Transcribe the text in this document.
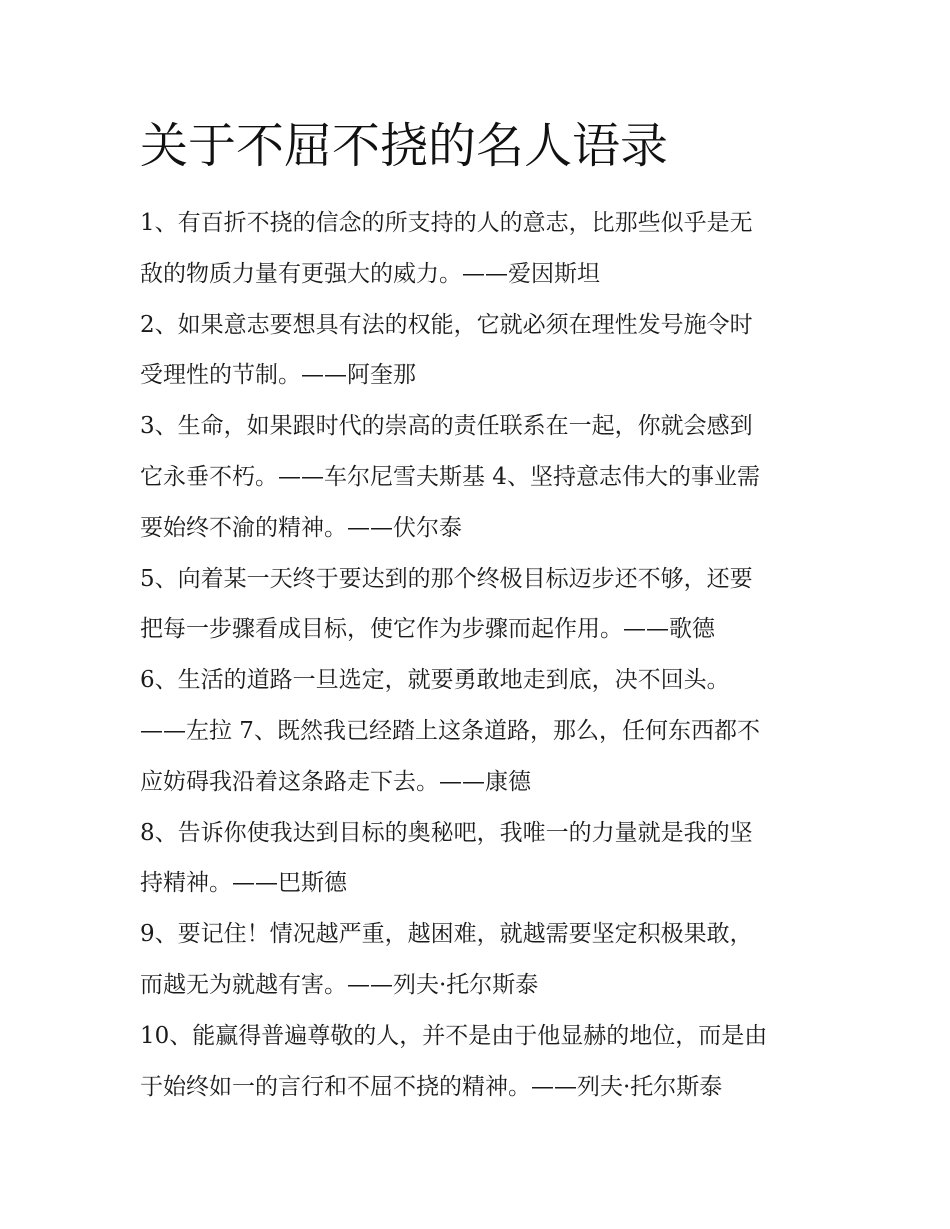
关于不屈不挠的名人语录
1、有百折不挠的信念的所支持的人的意志，比那些似乎是无
敌的物质力量有更强大的威力。——爱因斯坦
2、如果意志要想具有法的权能，它就必须在理性发号施令时
受理性的节制。——阿奎那
3、生命，如果跟时代的崇高的责任联系在一起，你就会感到
它永垂不朽。——车尔尼雪夫斯基 4、坚持意志伟大的事业需
要始终不渝的精神。——伏尔泰
5、向着某一天终于要达到的那个终极目标迈步还不够，还要
把每一步骤看成目标，使它作为步骤而起作用。——歌德
6、生活的道路一旦选定，就要勇敢地走到底，决不回头。
——左拉 7、既然我已经踏上这条道路，那么，任何东西都不
应妨碍我沿着这条路走下去。——康德
8、告诉你使我达到目标的奥秘吧，我唯一的力量就是我的坚
持精神。——巴斯德
9、要记住！情况越严重，越困难，就越需要坚定积极果敢，
而越无为就越有害。——列夫·托尔斯泰
10、能赢得普遍尊敬的人，并不是由于他显赫的地位，而是由
于始终如一的言行和不屈不挠的精神。——列夫·托尔斯泰
